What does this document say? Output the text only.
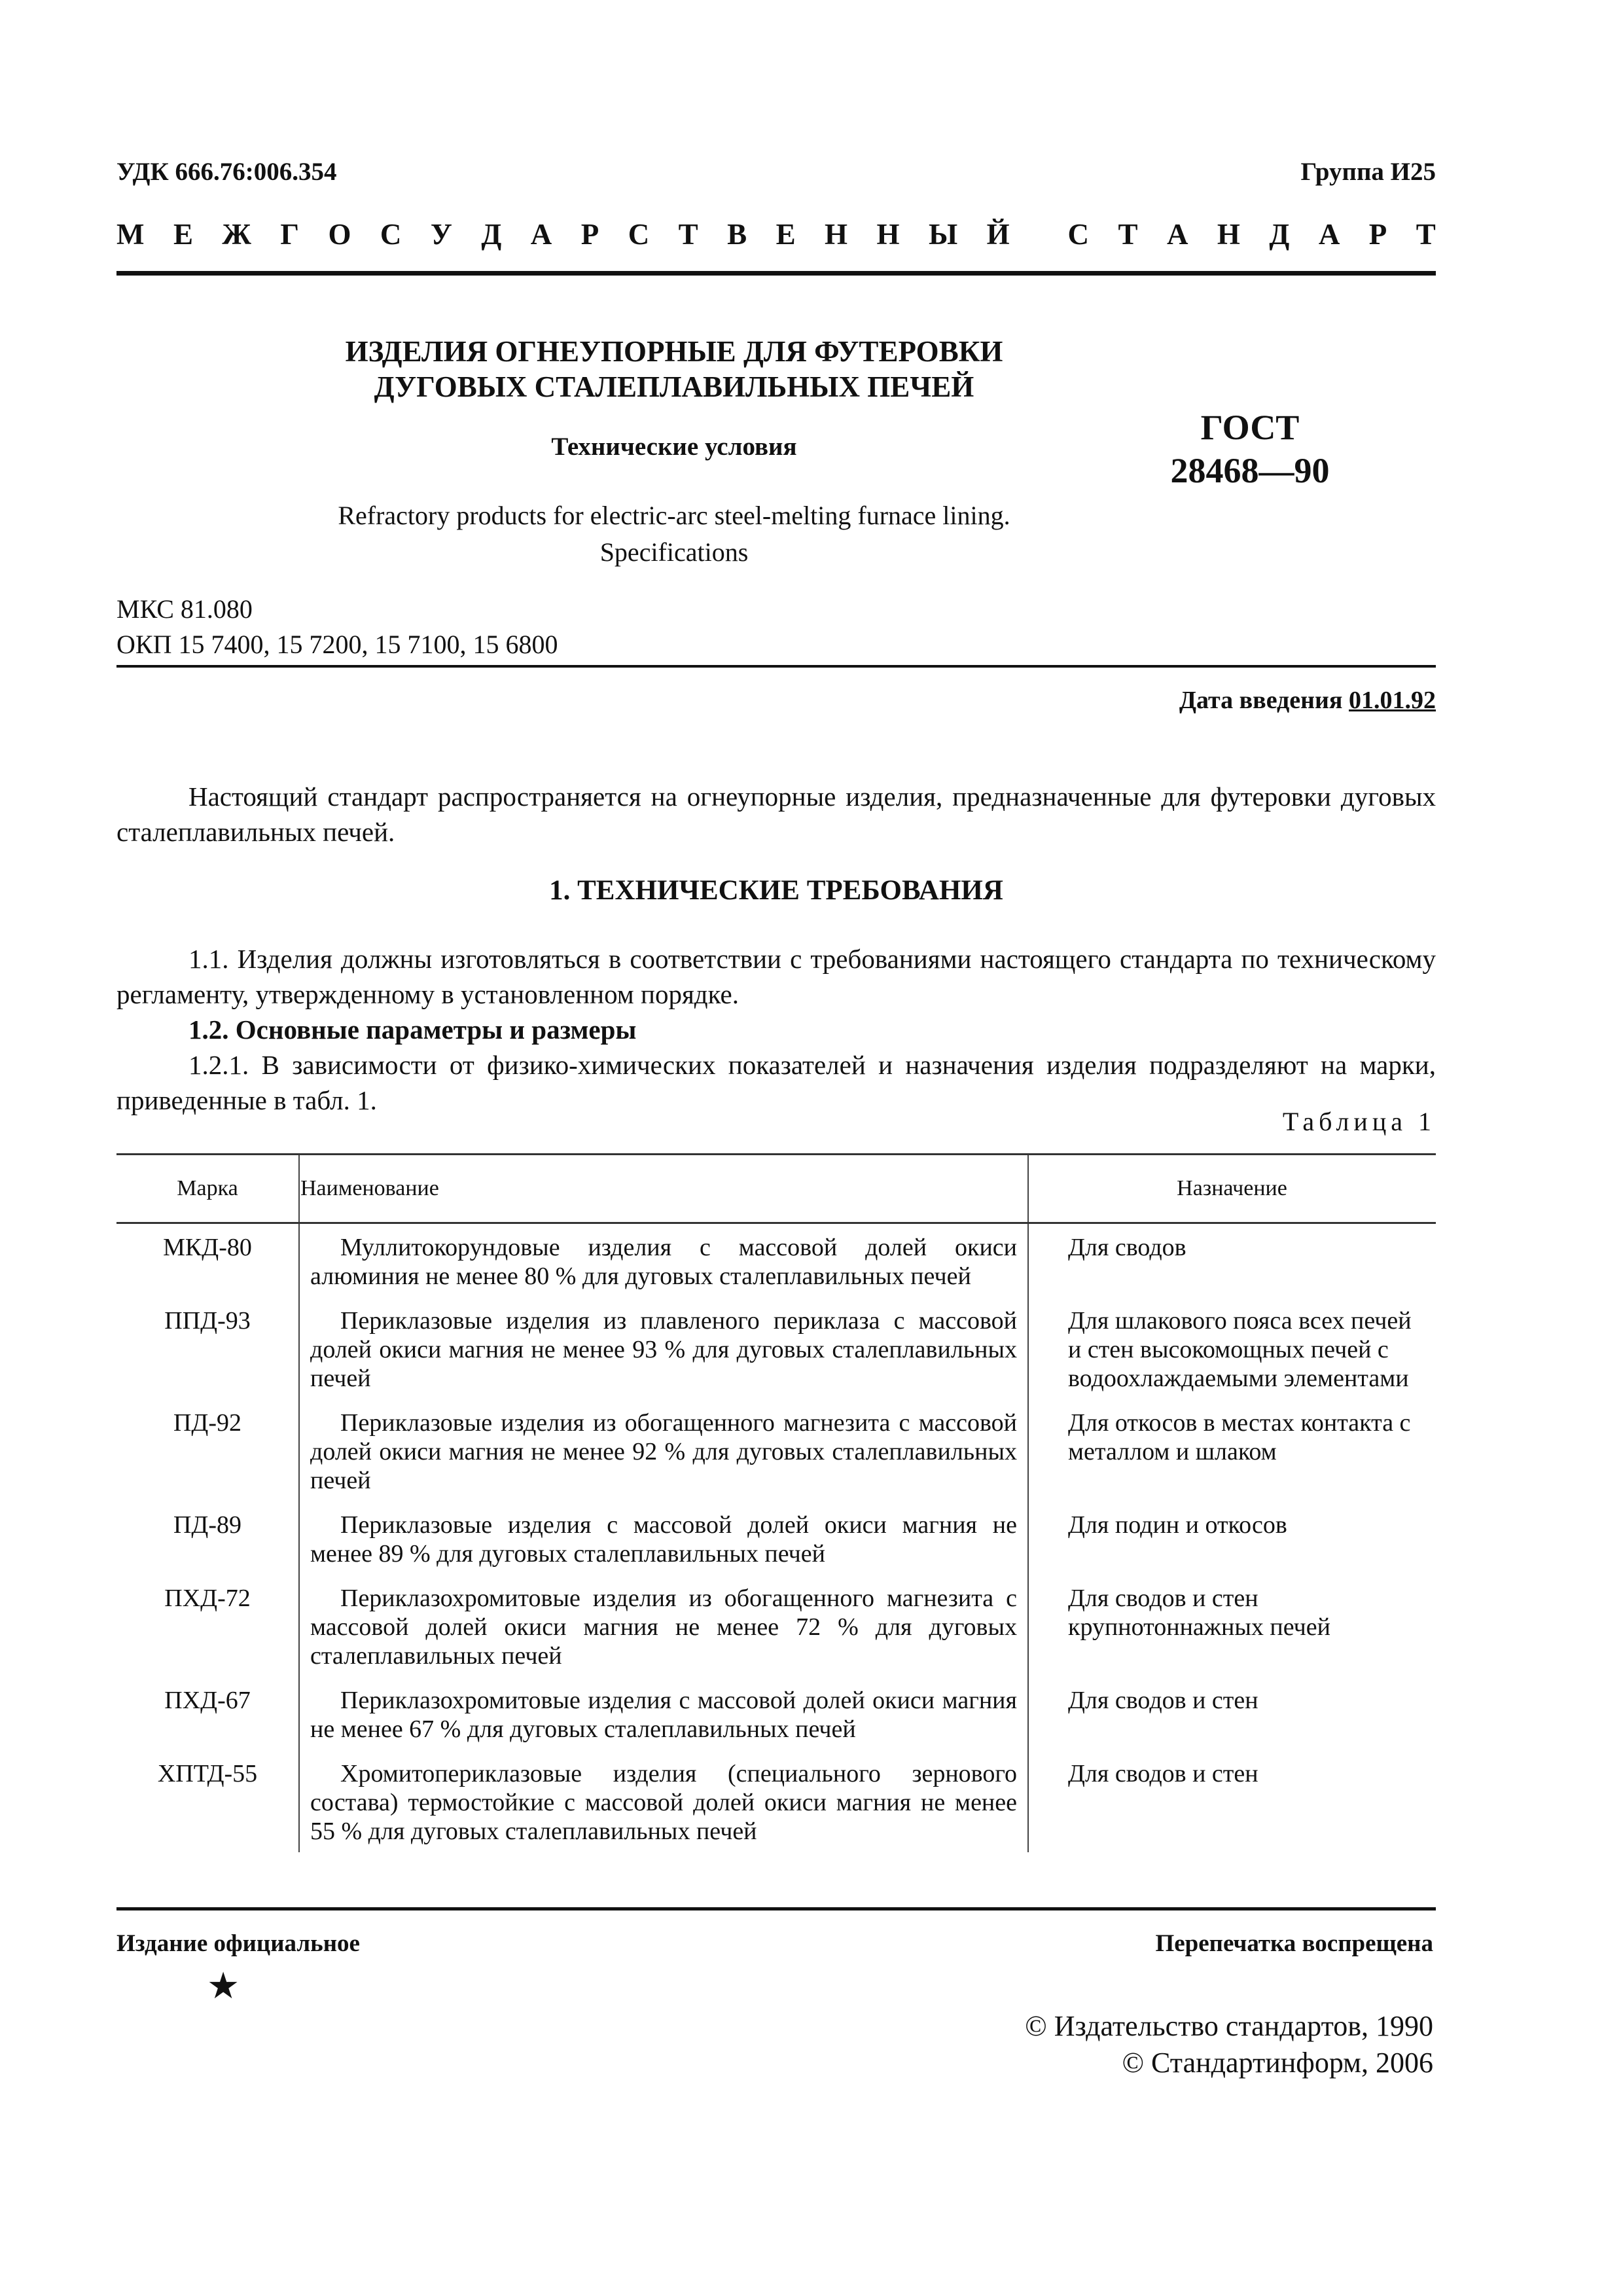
УДК 666.76:006.354	Группа И25
М Е Ж Г О С У Д А Р С Т В Е Н Н Ы Й С Т А Н Д А Р Т
ИЗДЕЛИЯ ОГНЕУПОРНЫЕ ДЛЯ ФУТЕРОВКИ
ДУГОВЫХ СТАЛЕПЛАВИЛЬНЫХ ПЕЧЕЙ
Технические условия
Refractory products for electric-arc steel-melting furnace lining.
Specifications
ГОСТ
28468—90
МКС 81.080
ОКП 15 7400, 15 7200, 15 7100, 15 6800
Дата введения 01.01.92
Настоящий стандарт распространяется на огнеупорные изделия, предназначенные для футеровки дуговых сталеплавильных печей.
1. ТЕХНИЧЕСКИЕ ТРЕБОВАНИЯ
1.1. Изделия должны изготовляться в соответствии с требованиями настоящего стандарта по техническому регламенту, утвержденному в установленном порядке.
1.2. Основные параметры и размеры
1.2.1. В зависимости от физико-химических показателей и назначения изделия подразделяют на марки, приведенные в табл. 1.
Таблица 1
Марка	Наименование	Назначение
МКД-80	Муллитокорундовые изделия с массовой долей окиси алюминия не менее 80 % для дуговых сталеплавильных печей	Для сводов
ППД-93	Периклазовые изделия из плавленого периклаза с массовой долей окиси магния не менее 93 % для дуговых сталеплавильных печей	Для шлакового пояса всех печей и стен высокомощных печей с водоохлаждаемыми элементами
ПД-92	Периклазовые изделия из обогащенного магнезита с массовой долей окиси магния не менее 92 % для дуговых сталеплавильных печей	Для откосов в местах контакта с металлом и шлаком
ПД-89	Периклазовые изделия с массовой долей окиси магния не менее 89 % для дуговых сталеплавильных печей	Для подин и откосов
ПХД-72	Периклазохромитовые изделия из обогащенного магнезита с массовой долей окиси магния не менее 72 % для дуговых сталеплавильных печей	Для сводов и стен крупнотоннажных печей
ПХД-67	Периклазохромитовые изделия с массовой долей окиси магния не менее 67 % для дуговых сталеплавильных печей	Для сводов и стен
ХПТД-55	Хромитопериклазовые изделия (специального зернового состава) термостойкие с массовой долей окиси магния не менее 55 % для дуговых сталеплавильных печей	Для сводов и стен
Издание официальное	Перепечатка воспрещена
★
© Издательство стандартов, 1990
© Стандартинформ, 2006
